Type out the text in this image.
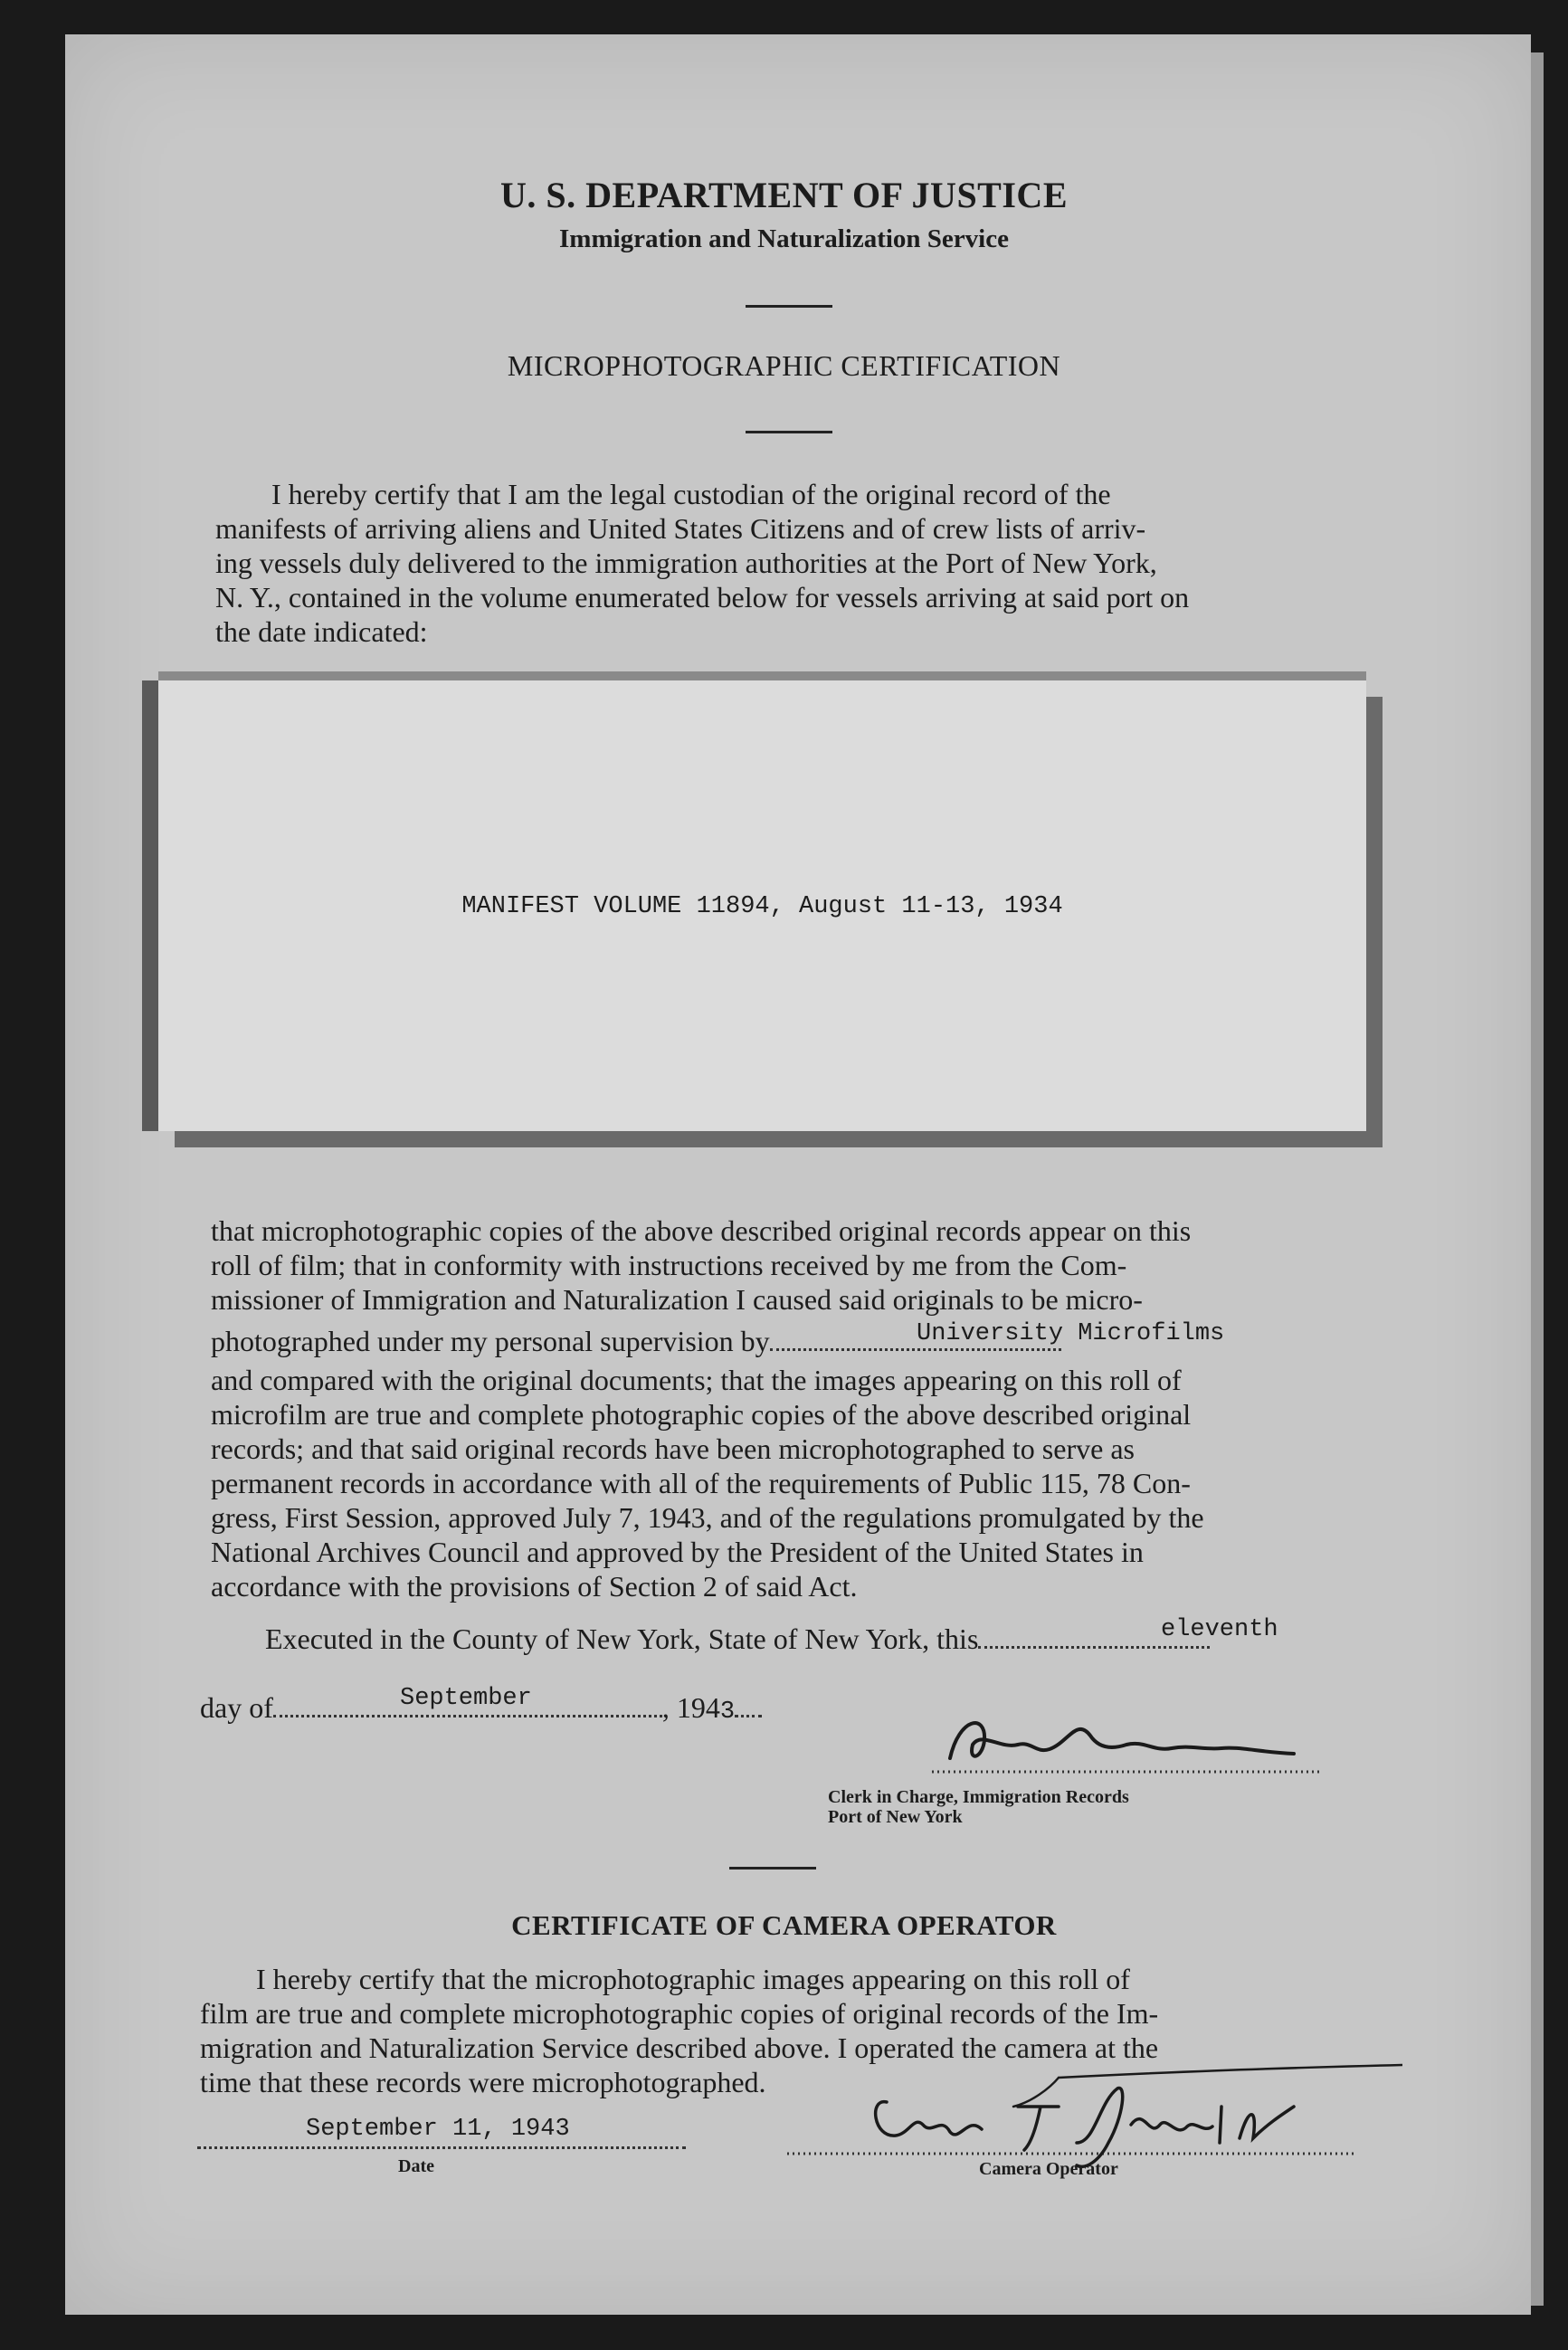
U. S. DEPARTMENT OF JUSTICE
Immigration and Naturalization Service
MICROPHOTOGRAPHIC CERTIFICATION
I hereby certify that I am the legal custodian of the original record of the
manifests of arriving aliens and United States Citizens and of crew lists of arriv-
ing vessels duly delivered to the immigration authorities at the Port of New York,
N. Y., contained in the volume enumerated below for vessels arriving at said port on
the date indicated:
MANIFEST VOLUME 11894, August 11-13, 1934
that microphotographic copies of the above described original records appear on this
roll of film; that in conformity with instructions received by me from the Com-
missioner of Immigration and Naturalization I caused said originals to be micro-
photographed under my personal supervision by	University Microfilms
and compared with the original documents; that the images appearing on this roll of
microfilm are true and complete photographic copies of the above described original
records; and that said original records have been microphotographed to serve as
permanent records in accordance with all of the requirements of Public 115, 78 Con-
gress, First Session, approved July 7, 1943, and of the regulations promulgated by the
National Archives Council and approved by the President of the United States in
accordance with the provisions of Section 2 of said Act.
Executed in the County of New York, State of New York, this	eleventh
day of	, 1943
September
Clerk in Charge, Immigration Records
Port of New York
CERTIFICATE OF CAMERA OPERATOR
I hereby certify that the microphotographic images appearing on this roll of
film are true and complete microphotographic copies of original records of the Im-
migration and Naturalization Service described above. I operated the camera at the
time that these records were microphotographed.
September 11, 1943
Date	Camera Operator
